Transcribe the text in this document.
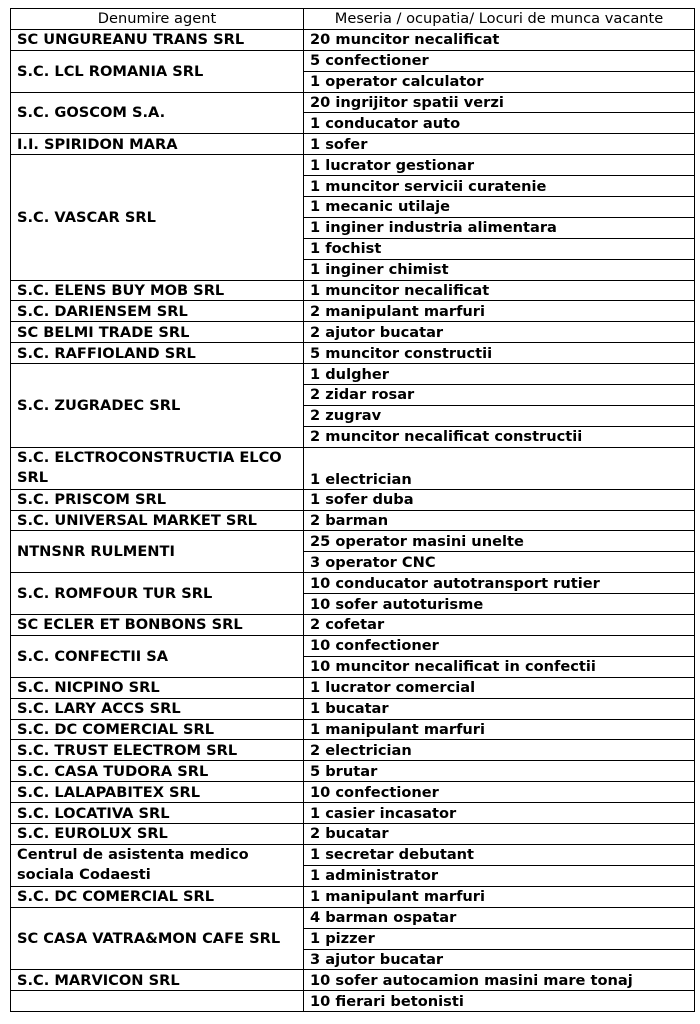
Denumire agent	Meseria / ocupatia/ Locuri de munca vacante
SC UNGUREANU TRANS SRL	20 muncitor necalificat
S.C. LCL ROMANIA SRL	5 confectioner
	1 operator calculator
S.C. GOSCOM S.A.	20 ingrijitor spatii verzi
	1 conducator auto
I.I. SPIRIDON MARA	1 sofer
S.C. VASCAR SRL	1 lucrator gestionar
	1 muncitor servicii curatenie
	1 mecanic utilaje
	1 inginer industria alimentara
	1 fochist
	1 inginer chimist
S.C. ELENS BUY MOB SRL	1 muncitor necalificat
S.C. DARIENSEM SRL	2 manipulant marfuri
SC BELMI TRADE SRL	2 ajutor bucatar
S.C. RAFFIOLAND SRL	5 muncitor constructii
S.C. ZUGRADEC SRL	1 dulgher
	2 zidar rosar
	2 zugrav
	2 muncitor necalificat constructii
S.C. ELCTROCONSTRUCTIA ELCO SRL	1 electrician
S.C. PRISCOM SRL	1 sofer duba
S.C. UNIVERSAL MARKET SRL	2 barman
NTNSNR RULMENTI	25 operator masini unelte
	3 operator CNC
S.C. ROMFOUR TUR SRL	10 conducator autotransport rutier
	10 sofer autoturisme
SC ECLER ET BONBONS SRL	2 cofetar
S.C. CONFECTII SA	10 confectioner
	10 muncitor necalificat in confectii
S.C. NICPINO SRL	1 lucrator comercial
S.C. LARY ACCS SRL	1 bucatar
S.C. DC COMERCIAL SRL	1 manipulant marfuri
S.C. TRUST ELECTROM SRL	2 electrician
S.C. CASA TUDORA SRL	5 brutar
S.C. LALAPABITEX SRL	10 confectioner
S.C. LOCATIVA SRL	1 casier incasator
S.C. EUROLUX SRL	2 bucatar
Centrul de asistenta medico sociala Codaesti	1 secretar debutant
	1 administrator
S.C. DC COMERCIAL SRL	1 manipulant marfuri
SC CASA VATRA&MON CAFE SRL	4 barman ospatar
	1 pizzer
	3 ajutor bucatar
S.C. MARVICON SRL	10 sofer autocamion masini mare tonaj
	10 fierari betonisti
